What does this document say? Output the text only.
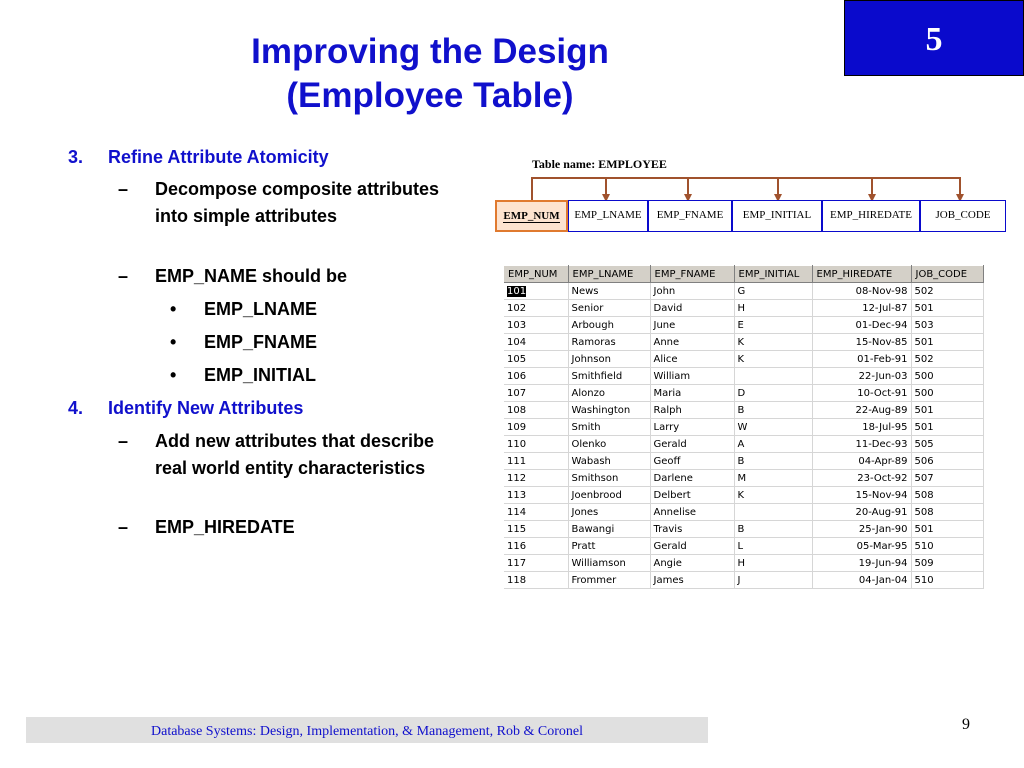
Improving the Design
(Employee Table)
5
3. Refine Attribute Atomicity
– Decompose composite attributes into simple attributes
– EMP_NAME should be
• EMP_LNAME
• EMP_FNAME
• EMP_INITIAL
4. Identify New Attributes
– Add new attributes that describe real world entity characteristics
– EMP_HIREDATE
Table name: EMPLOYEE
EMP_NUM	EMP_LNAME	EMP_FNAME	EMP_INITIAL	EMP_HIREDATE	JOB_CODE
EMP_NUM	EMP_LNAME	EMP_FNAME	EMP_INITIAL	EMP_HIREDATE	JOB_CODE
101	News	John	G	08-Nov-98	502
102	Senior	David	H	12-Jul-87	501
103	Arbough	June	E	01-Dec-94	503
104	Ramoras	Anne	K	15-Nov-85	501
105	Johnson	Alice	K	01-Feb-91	502
106	Smithfield	William		22-Jun-03	500
107	Alonzo	Maria	D	10-Oct-91	500
108	Washington	Ralph	B	22-Aug-89	501
109	Smith	Larry	W	18-Jul-95	501
110	Olenko	Gerald	A	11-Dec-93	505
111	Wabash	Geoff	B	04-Apr-89	506
112	Smithson	Darlene	M	23-Oct-92	507
113	Joenbrood	Delbert	K	15-Nov-94	508
114	Jones	Annelise		20-Aug-91	508
115	Bawangi	Travis	B	25-Jan-90	501
116	Pratt	Gerald	L	05-Mar-95	510
117	Williamson	Angie	H	19-Jun-94	509
118	Frommer	James	J	04-Jan-04	510
Database Systems: Design, Implementation, & Management, Rob & Coronel	9
